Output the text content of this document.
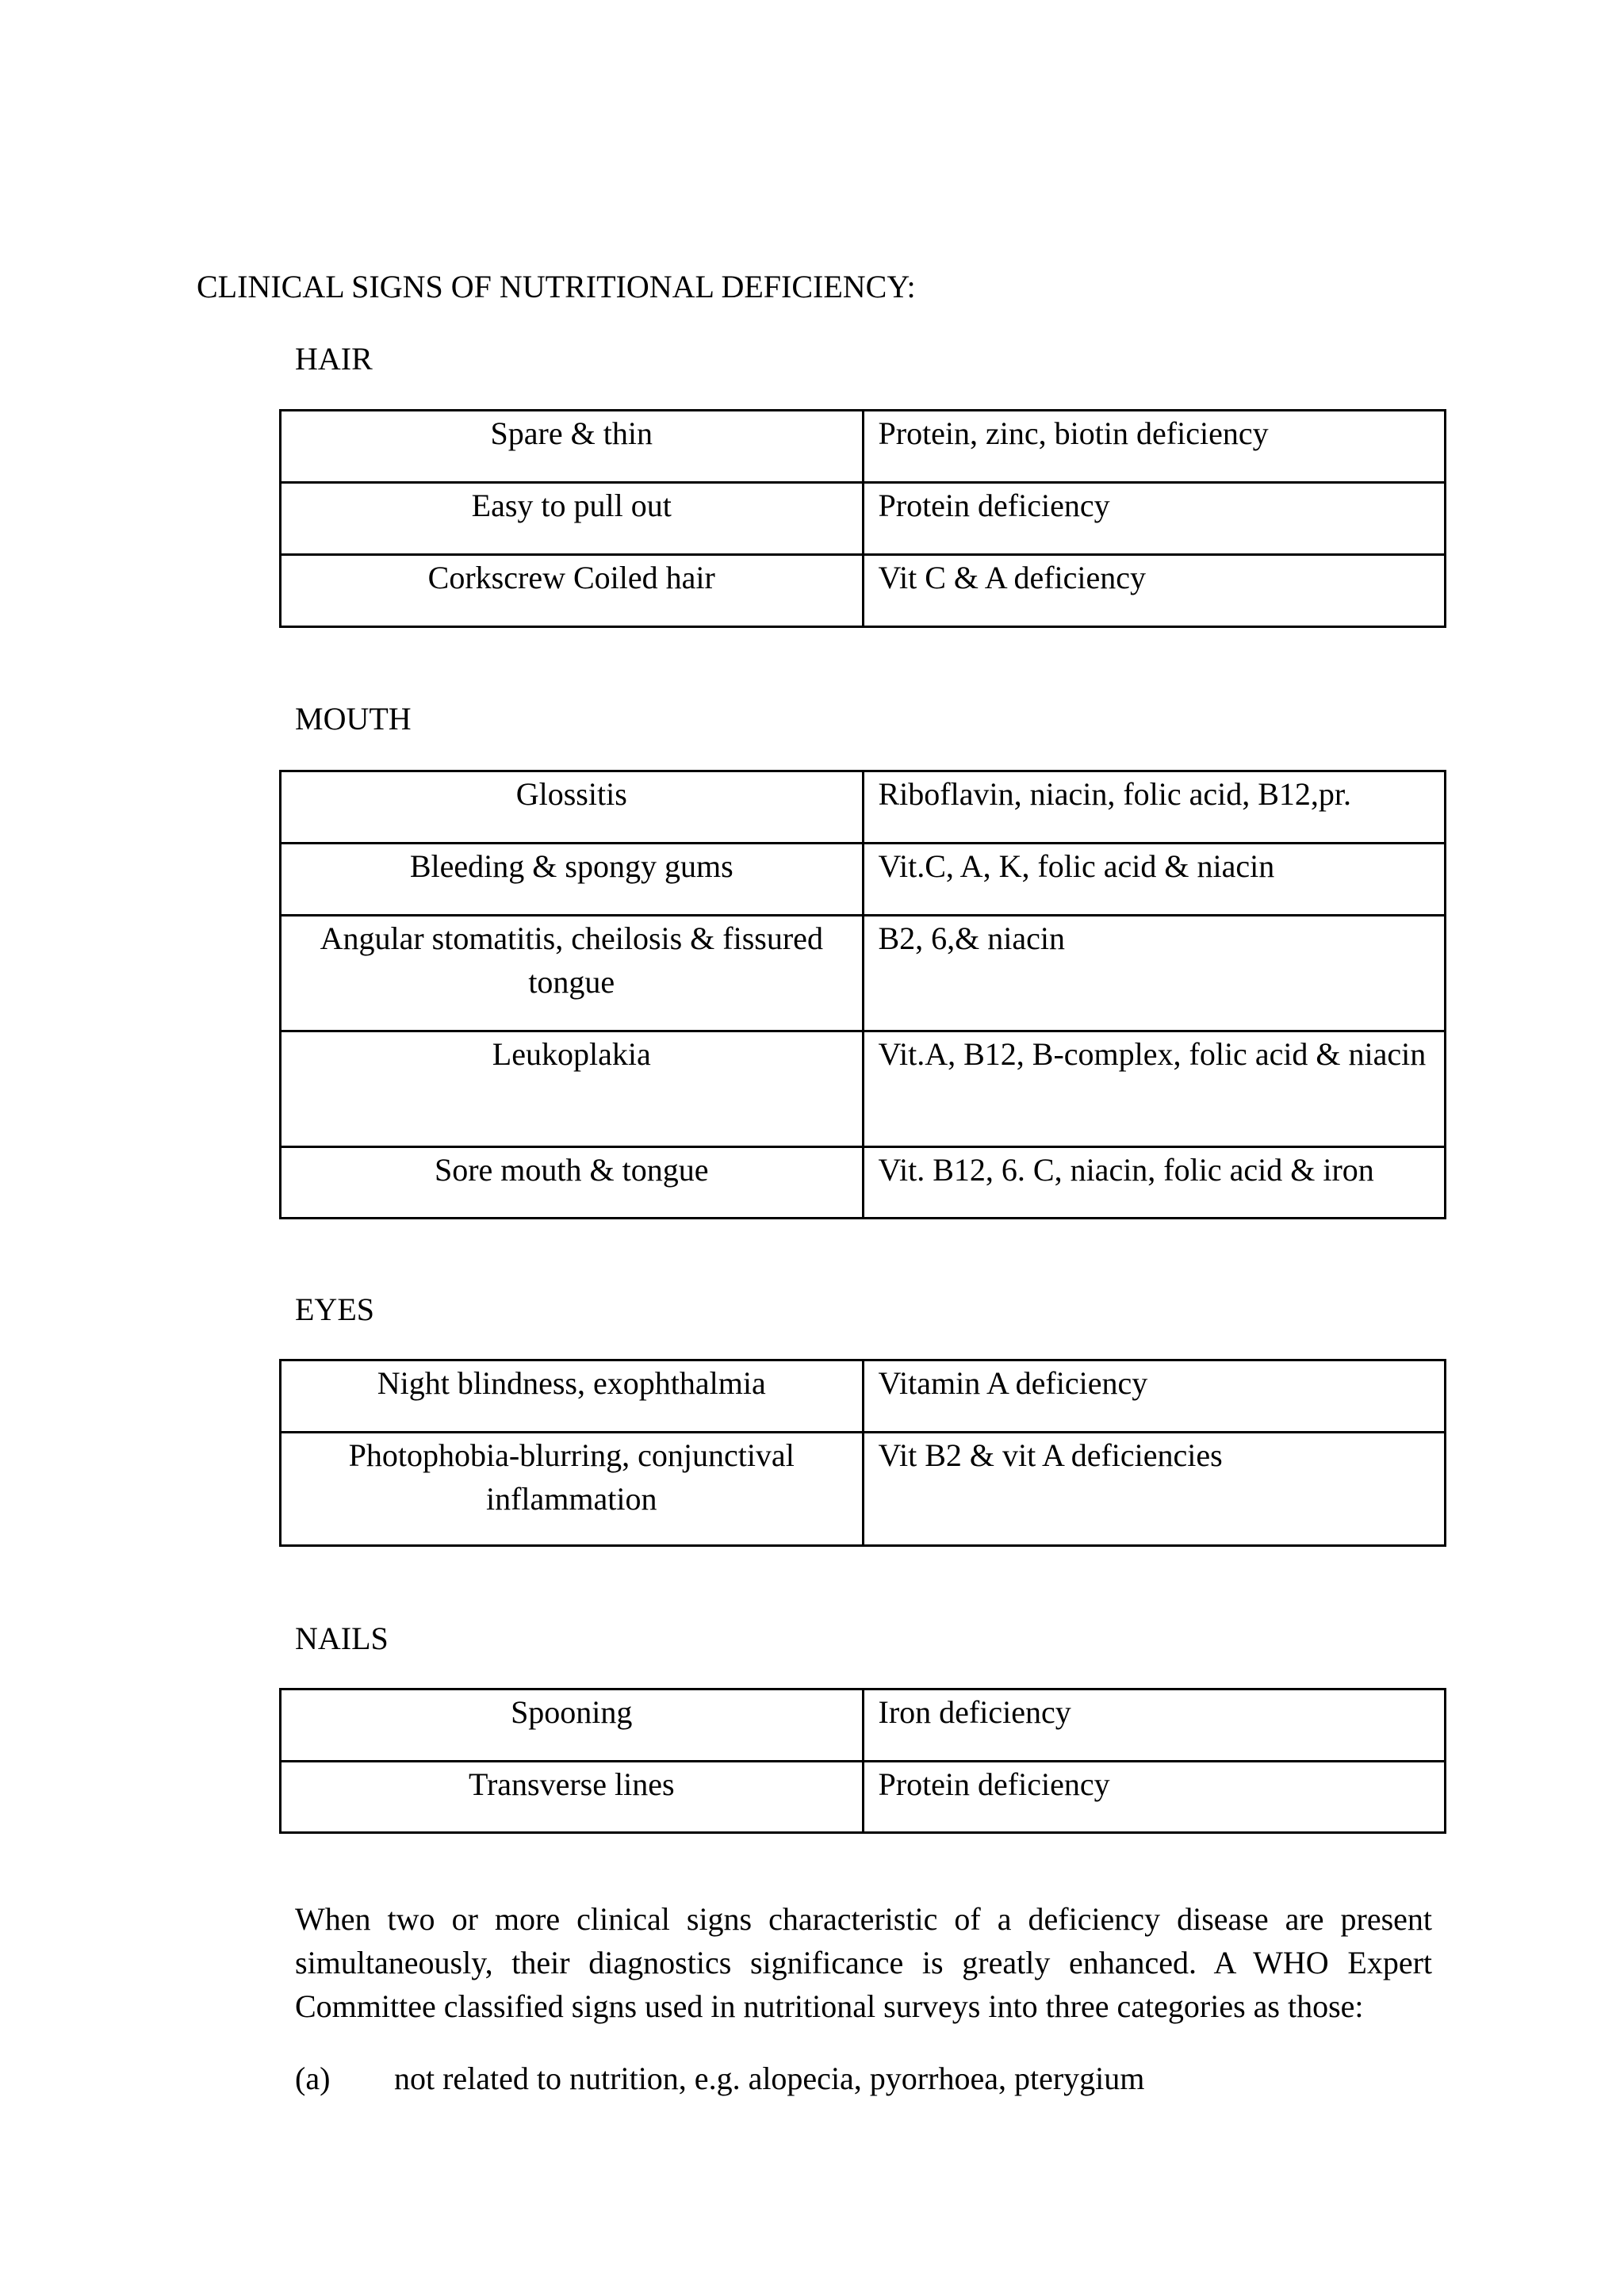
CLINICAL SIGNS OF NUTRITIONAL DEFICIENCY:
HAIR
Spare & thin	Protein, zinc, biotin deficiency
Easy to pull out	Protein deficiency
Corkscrew Coiled hair	Vit C & A deficiency
MOUTH
Glossitis	Riboflavin, niacin, folic acid, B12,pr.
Bleeding & spongy gums	Vit.C, A, K, folic acid & niacin
Angular stomatitis, cheilosis & fissured tongue	B2, 6,& niacin
Leukoplakia	Vit.A, B12, B-complex, folic acid & niacin
Sore mouth & tongue	Vit. B12, 6. C, niacin, folic acid & iron
EYES
Night blindness, exophthalmia	Vitamin A deficiency
Photophobia-blurring, conjunctival inflammation	Vit B2 & vit A deficiencies
NAILS
Spooning	Iron deficiency
Transverse lines	Protein deficiency
When two or more clinical signs characteristic of a deficiency disease are present simultaneously, their diagnostics significance is greatly enhanced. A WHO Expert Committee classified signs used in nutritional surveys into three categories as those:
(a) not related to nutrition, e.g. alopecia, pyorrhoea, pterygium
